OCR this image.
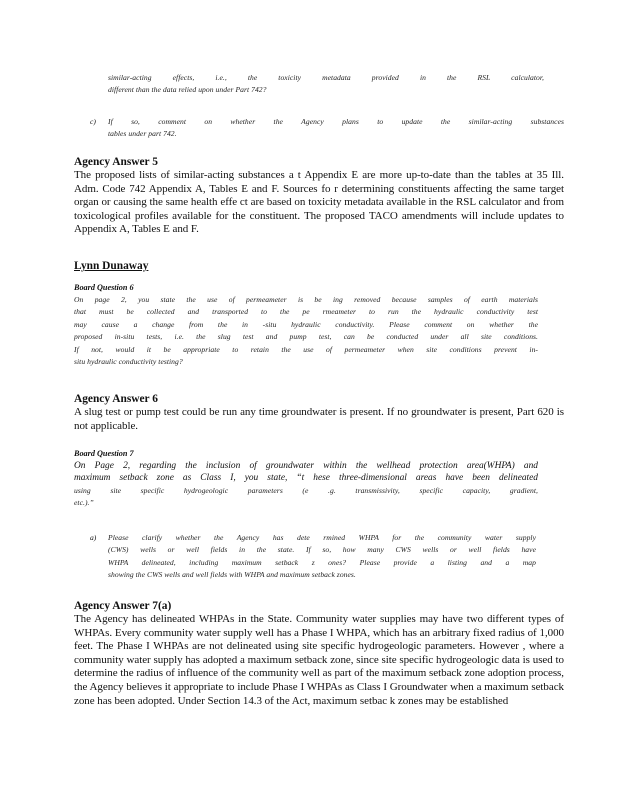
similar-acting effects, i.e., the toxicity metadata provided in the RSL calculator,
different than the data relied upon under Part 742?
c)	If so, comment on whether the Agency plans to update the similar-acting substances
tables under part 742.
Agency Answer 5
The proposed lists of similar-acting substances a t Appendix E are more up-to-date than the tables at 35 Ill. Adm. Code 742 Appendix A, Tables E and F. Sources fo r determining constituents affecting the same target organ or causing the same health effe ct are based on toxicity metadata available in the RSL calculator and from toxicological profiles available for the constituent. The proposed TACO amendments will include updates to Appendix A, Tables E and F.
Lynn Dunaway
Board Question 6
On page 2, you state the use of permeameter is be ing removed because samples of earth materials
that must be collected and transported to the pe rmeameter to run the hydraulic conductivity test
may cause a change from the in -situ hydraulic conductivity. Please comment on whether the
proposed in-situ tests, i.e. the slug test and pump test, can be conducted under all site conditions.
If not, would it be appropriate to retain the use of permeameter when site conditions prevent in-
situ hydraulic conductivity testing?
Agency Answer 6
A slug test or pump test could be run any time groundwater is present. If no groundwater is present, Part 620 is not applicable.
Board Question 7
On Page 2, regarding the inclusion of groundwater within the wellhead protection area(WHPA) and
maximum setback zone as Class I, you state, “t hese three-dimensional areas have been delineated
using site specific hydrogeologic parameters (e .g. transmissivity, specific capacity, gradient,
etc.).”
a)	Please clarify whether the Agency has dete rmined WHPA for the community water supply
(CWS) wells or well fields in the state. If so, how many CWS wells or well fields have
WHPA delineated, including maximum setback z ones? Please provide a listing and a map
showing the CWS wells and well fields with WHPA and maximum setback zones.
Agency Answer 7(a)
The Agency has delineated WHPAs in the State. Community water supplies may have two different types of WHPAs. Every community water supply well has a Phase I WHPA, which has an arbitrary fixed radius of 1,000 feet. The Phase I WHPAs are not delineated using site specific hydrogeologic parameters. However , where a community water supply has adopted a maximum setback zone, since site specific hydrogeologic data is used to determine the radius of influence of the community well as part of the maximum setback zone adoption process, the Agency believes it appropriate to include Phase I WHPAs as Class I Groundwater when a maximum setback zone has been adopted. Under Section 14.3 of the Act, maximum setbac k zones may be established
